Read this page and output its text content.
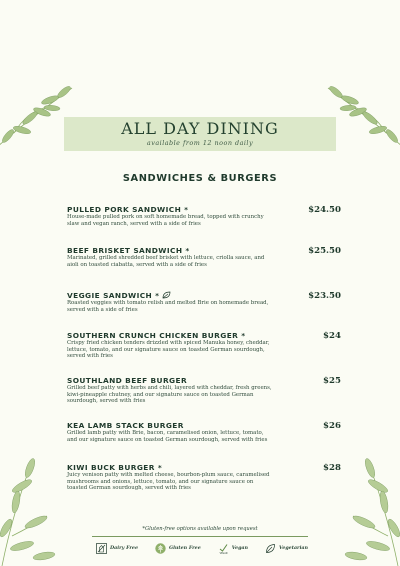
ALL DAY DINING
available from 12 noon daily
SANDWICHES & BURGERS
PULLED PORK SANDWICH *
House-made pulled pork on soft homemade bread, topped with crunchy slaw and vegan ranch, served with a side of fries
$24.50
BEEF BRISKET SANDWICH *
Marinated, grilled shredded beef brisket with lettuce, criolla sauce, and aioli on toasted ciabatta, served with a side of fries
$25.50
VEGGIE SANDWICH *
Roasted veggies with tomato relish and melted Brie on homemade bread, served with a side of fries
$23.50
SOUTHERN CRUNCH CHICKEN BURGER *
Crispy fried chicken tenders drizzled with spiced Manuka honey, cheddar, lettuce, tomato, and our signature sauce on toasted German sourdough, served with fries
$24
SOUTHLAND BEEF BURGER
Grilled beef patty with herbs and chili, layered with cheddar, fresh greens, kiwi-pineapple chutney, and our signature sauce on toasted German sourdough, served with fries
$25
KEA LAMB STACK BURGER
Grilled lamb patty with Brie, bacon, caramelised onion, lettuce, tomato, and our signature sauce on toasted German sourdough, served with fries
$26
KIWI BUCK BURGER *
Juicy venison patty with melted cheese, bourbon-plum sauce, caramelised mushrooms and onions, lettuce, tomato, and our signature sauce on toasted German sourdough, served with fries
$28
*Gluten-free options available upon request
Dairy Free	Gluten Free
VEGAN
Vegan	Vegetarian
